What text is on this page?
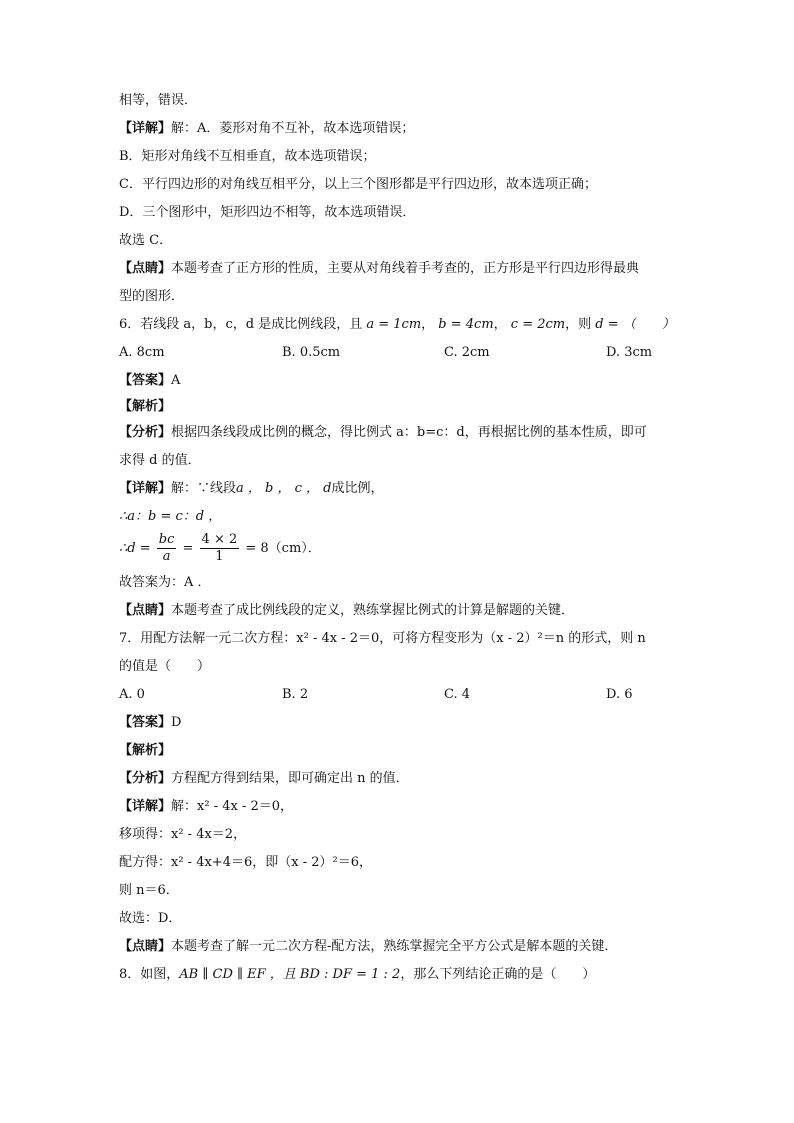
相等，错误．
【详解】解：A．菱形对角不互补，故本选项错误；
B．矩形对角线不互相垂直，故本选项错误；
C．平行四边形的对角线互相平分，以上三个图形都是平行四边形，故本选项正确；
D．三个图形中，矩形四边不相等，故本选项错误．
故选 C．
【点睛】本题考查了正方形的性质，主要从对角线着手考查的，正方形是平行四边形得最典
型的图形．
6．若线段 a，b，c，d 是成比例线段，且 a = 1cm， b = 4cm， c = 2cm，则 d = （　　）
A. 8cm	B. 0.5cm	C. 2cm	D. 3cm
【答案】A
【解析】
【分析】根据四条线段成比例的概念，得比例式 a：b=c：d，再根据比例的基本性质，即可
求得 d 的值．
【详解】解：∵线段a ， b ， c ， d成比例，
∴a：b = c：d ，
∴d = $\frac{bc}{a} = \frac{4 \times 2}{1} = 8(cm)$．
故答案为：A ．
【点睛】本题考查了成比例线段的定义，熟练掌握比例式的计算是解题的关键．
7．用配方法解一元二次方程：x² - 4x - 2＝0，可将方程变形为（x - 2）²＝n 的形式，则 n
的值是（　　）
A. 0	B. 2	C. 4	D. 6
【答案】D
【解析】
【分析】方程配方得到结果，即可确定出 n 的值．
【详解】解：x² - 4x - 2＝0，
移项得：x² - 4x＝2，
配方得：x² - 4x+4＝6，即（x - 2）²＝6，
则 n＝6．
故选：D．
【点睛】本题考查了解一元二次方程-配方法，熟练掌握完全平方公式是解本题的关键．
8．如图，AB ∥ CD ∥ EF ，且 BD : DF = 1 : 2，那么下列结论正确的是（　　）
